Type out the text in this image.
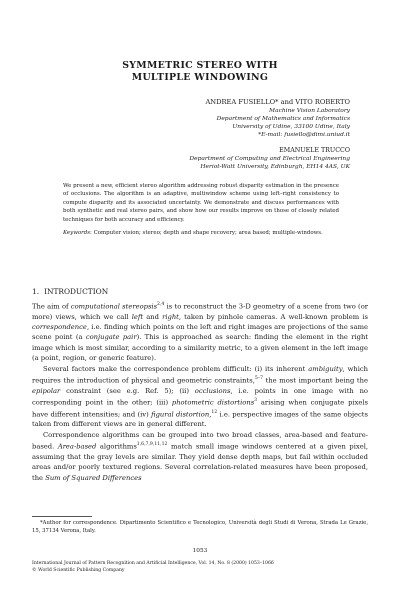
SYMMETRIC STEREO WITH
MULTIPLE WINDOWING
ANDREA FUSIELLO* and VITO ROBERTO
Machine Vision Laboratory
Department of Mathematics and Informatics
University of Udine, 33100 Udine, Italy
*E-mail: fusiello@dimi.uniud.it
EMANUELE TRUCCO
Department of Computing and Electrical Engineering
Heriot-Watt University, Edinburgh, EH14 4AS, UK

We present a new, efficient stereo algorithm addressing robust disparity estimation in the presence of occlusions. The algorithm is an adaptive, multiwindow scheme using left–right consistency to compute disparity and its associated uncertainty. We demonstrate and discuss performances with both synthetic and real stereo pairs, and show how our results improve on those of closely related techniques for both accuracy and efficiency.

Keywords: Computer vision; stereo; depth and shape recovery; area based; multiple-windows.

1. INTRODUCTION

The aim of computational stereopsis$^{2,4}$ is to reconstruct the 3-D geometry of a scene from two (or more) views, which we call left and right, taken by pinhole cameras. A well-known problem is correspondence, i.e. finding which points on the left and right images are projections of the same scene point (a conjugate pair). This is approached as search: finding the element in the right image which is most similar, according to a similarity metric, to a given element in the left image (a point, region, or generic feature).

Several factors make the correspondence problem difficult: (i) its inherent ambiguity, which requires the introduction of physical and geometric constraints,$^{5-7}$ the most important being the epipolar constraint (see e.g. Ref. 5); (ii) occlusions, i.e. points in one image with no corresponding point in the other; (iii) photometric distortions$^3$ arising when conjugate pixels have different intensities; and (iv) figural distortion,$^{12}$ i.e. perspective images of the same objects taken from different views are in general different.

Correspondence algorithms can be grouped into two broad classes, area-based and feature-based. Area-based algorithms$^{1,6,7,9,11,12}$ match small image windows centered at a given pixel, assuming that the gray levels are similar. They yield dense depth maps, but fail within occluded areas and/or poorly textured regions. Several correlation-related measures have been proposed, the Sum of Squared Differences

*Author for correspondence. Dipartimento Scientifico e Tecnologico, Università degli Studi di Verona, Strada Le Grazie, 15, 37134 Verona, Italy.
1053
International Journal of Pattern Recognition and Artificial Intelligence, Vol. 14, No. 8 (2000) 1053–1066
© World Scientific Publishing Company
